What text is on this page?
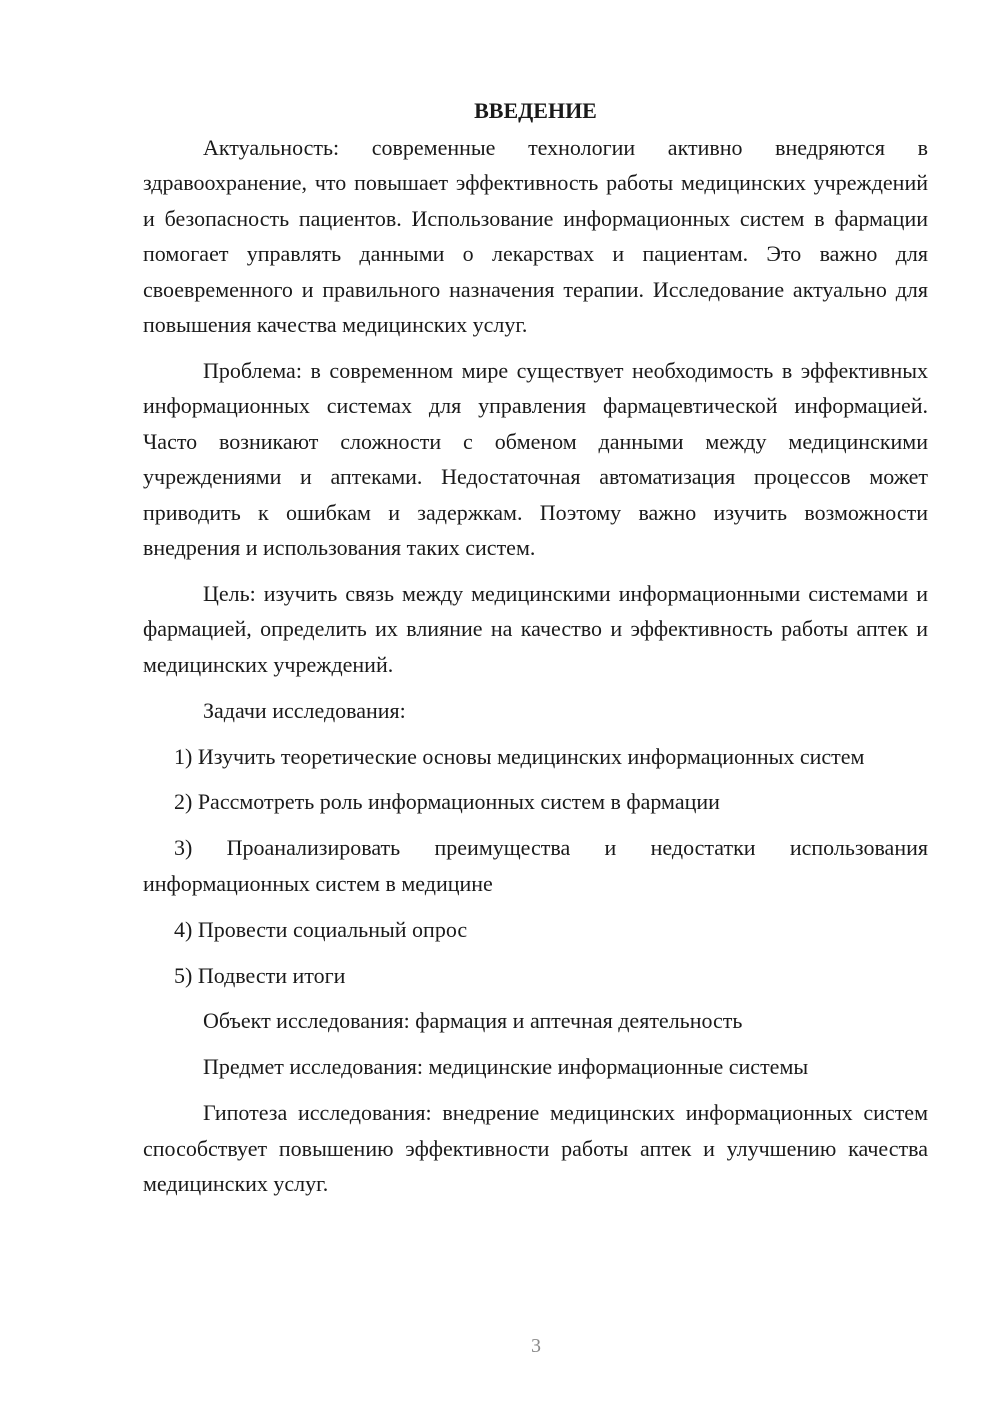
ВВЕДЕНИЕ

Актуальность: современные технологии активно внедряются в здравоохранение, что повышает эффективность работы медицинских учреждений и безопасность пациентов. Использование информационных систем в фармации помогает управлять данными о лекарствах и пациентам. Это важно для своевременного и правильного назначения терапии. Исследование актуально для повышения качества медицинских услуг.

Проблема: в современном мире существует необходимость в эффективных информационных системах для управления фармацевтической информацией. Часто возникают сложности с обменом данными между медицинскими учреждениями и аптеками. Недостаточная автоматизация процессов может приводить к ошибкам и задержкам. Поэтому важно изучить возможности внедрения и использования таких систем.

Цель: изучить связь между медицинскими информационными системами и фармацией, определить их влияние на качество и эффективность работы аптек и медицинских учреждений.

Задачи исследования:

1) Изучить теоретические основы медицинских информационных систем

2) Рассмотреть роль информационных систем в фармации

3) Проанализировать преимущества и недостатки использования информационных систем в медицине

4) Провести социальный опрос

5) Подвести итоги

Объект исследования: фармация и аптечная деятельность

Предмет исследования: медицинские информационные системы

Гипотеза исследования: внедрение медицинских информационных систем способствует повышению эффективности работы аптек и улучшению качества медицинских услуг.

3
